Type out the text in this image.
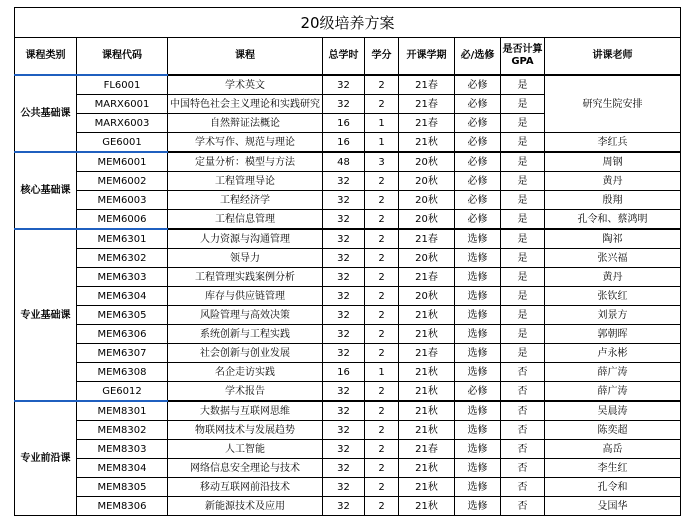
20级培养方案								
课程类别	课程代码	课程	总学时	学分	开课学期	必/选修	是否计算GPA	讲课老师
公共基础课	FL6001	学术英文	32	2	21春	必修	是	研究生院安排
	MARX6001	中国特色社会主义理论和实践研究	32	2	21春	必修	是	
	MARX6003	自然辩证法概论	16	1	21春	必修	是	
	GE6001	学术写作、规范与理论	16	1	21秋	必修	是	李红兵
核心基础课	MEM6001	定量分析：模型与方法	48	3	20秋	必修	是	周钢
	MEM6002	工程管理导论	32	2	20秋	必修	是	黄丹
	MEM6003	工程经济学	32	2	20秋	必修	是	殷翔
	MEM6006	工程信息管理	32	2	20秋	必修	是	孔令和、蔡鸿明
专业基础课	MEM6301	人力资源与沟通管理	32	2	21春	选修	是	陶祁
	MEM6302	领导力	32	2	20秋	选修	是	张兴福
	MEM6303	工程管理实践案例分析	32	2	21春	选修	是	黄丹
	MEM6304	库存与供应链管理	32	2	20秋	选修	是	张钦红
	MEM6305	风险管理与高效决策	32	2	21秋	选修	是	刘景方
	MEM6306	系统创新与工程实践	32	2	21秋	选修	是	郭朝晖
	MEM6307	社会创新与创业发展	32	2	21春	选修	是	卢永彬
	MEM6308	名企走访实践	16	1	21秋	选修	否	薛广涛
	GE6012	学术报告	32	2	21秋	必修	否	薛广涛
专业前沿课	MEM8301	大数据与互联网思维	32	2	21秋	选修	否	吴晨涛
	MEM8302	物联网技术与发展趋势	32	2	21秋	选修	否	陈奕超
	MEM8303	人工智能	32	2	21春	选修	否	高岳
	MEM8304	网络信息安全理论与技术	32	2	21秋	选修	否	李生红
	MEM8305	移动互联网前沿技术	32	2	21秋	选修	否	孔令和
	MEM8306	新能源技术及应用	32	2	21秋	选修	否	殳国华
